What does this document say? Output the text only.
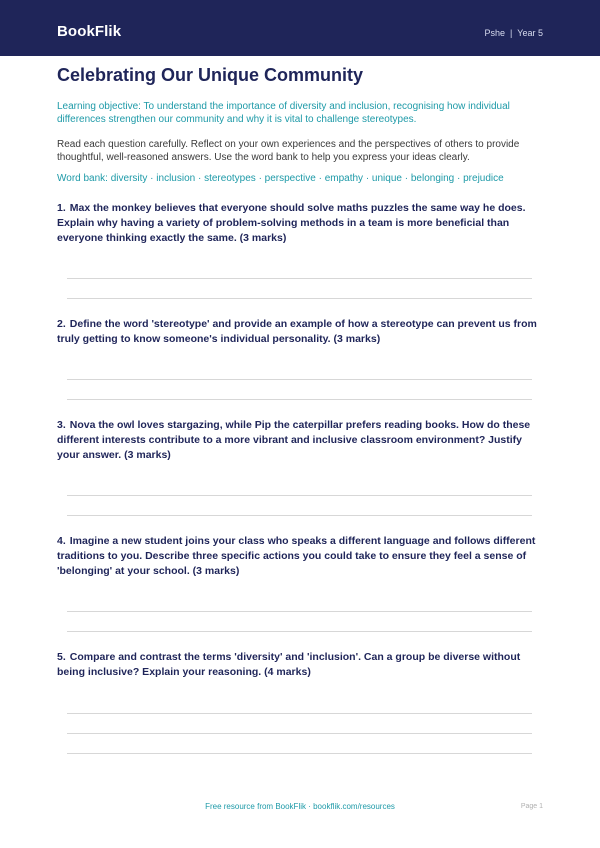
BookFlik	Pshe | Year 5
Celebrating Our Unique Community
Learning objective: To understand the importance of diversity and inclusion, recognising how individual differences strengthen our community and why it is vital to challenge stereotypes.
Read each question carefully. Reflect on your own experiences and the perspectives of others to provide thoughtful, well-reasoned answers. Use the word bank to help you express your ideas clearly.
Word bank: diversity · inclusion · stereotypes · perspective · empathy · unique · belonging · prejudice
1. Max the monkey believes that everyone should solve maths puzzles the same way he does. Explain why having a variety of problem-solving methods in a team is more beneficial than everyone thinking exactly the same. (3 marks)
2. Define the word 'stereotype' and provide an example of how a stereotype can prevent us from truly getting to know someone's individual personality. (3 marks)
3. Nova the owl loves stargazing, while Pip the caterpillar prefers reading books. How do these different interests contribute to a more vibrant and inclusive classroom environment? Justify your answer. (3 marks)
4. Imagine a new student joins your class who speaks a different language and follows different traditions to you. Describe three specific actions you could take to ensure they feel a sense of 'belonging' at your school. (3 marks)
5. Compare and contrast the terms 'diversity' and 'inclusion'. Can a group be diverse without being inclusive? Explain your reasoning. (4 marks)
Free resource from BookFlik · bookflik.com/resources	Page 1
